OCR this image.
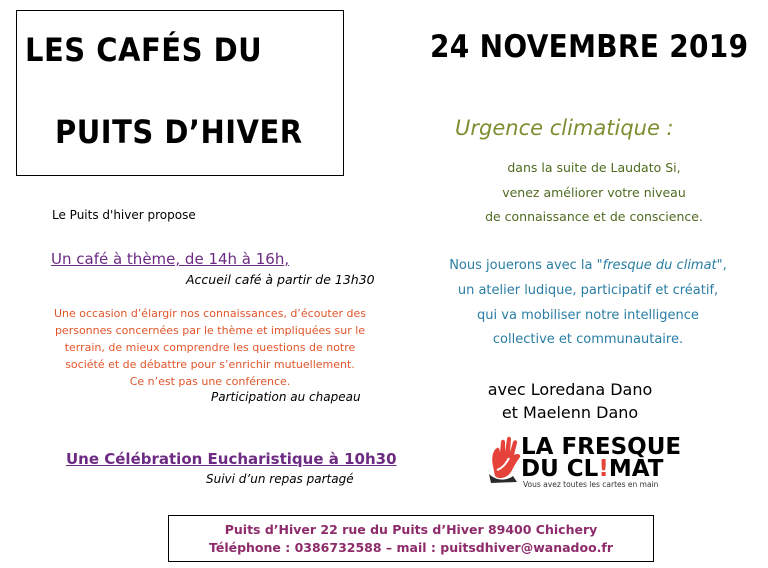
LES CAFÉS DU
PUITS D’HIVER
24 NOVEMBRE 2019
Urgence climatique :
dans la suite de Laudato Si,
venez améliorer votre niveau
de connaissance et de conscience.
Nous jouerons avec la "fresque du climat",
un atelier ludique, participatif et créatif,
qui va mobiliser notre intelligence
collective et communautaire.
avec Loredana Dano
et Maelenn Dano
LA FRESQUE
DU CL!MAT
Vous avez toutes les cartes en main
Le Puits d'hiver propose
Un café à thème, de 14h à 16h,
Accueil café à partir de 13h30
Une occasion d’élargir nos connaissances, d’écouter des
personnes concernées par le thème et impliquées sur le
terrain, de mieux comprendre les questions de notre
société et de débattre pour s’enrichir mutuellement.
Ce n’est pas une conférence.
Participation au chapeau
Une Célébration Eucharistique à 10h30
Suivi d’un repas partagé
Puits d’Hiver 22 rue du Puits d’Hiver 89400 Chichery
Téléphone : 0386732588 – mail : puitsdhiver@wanadoo.fr
